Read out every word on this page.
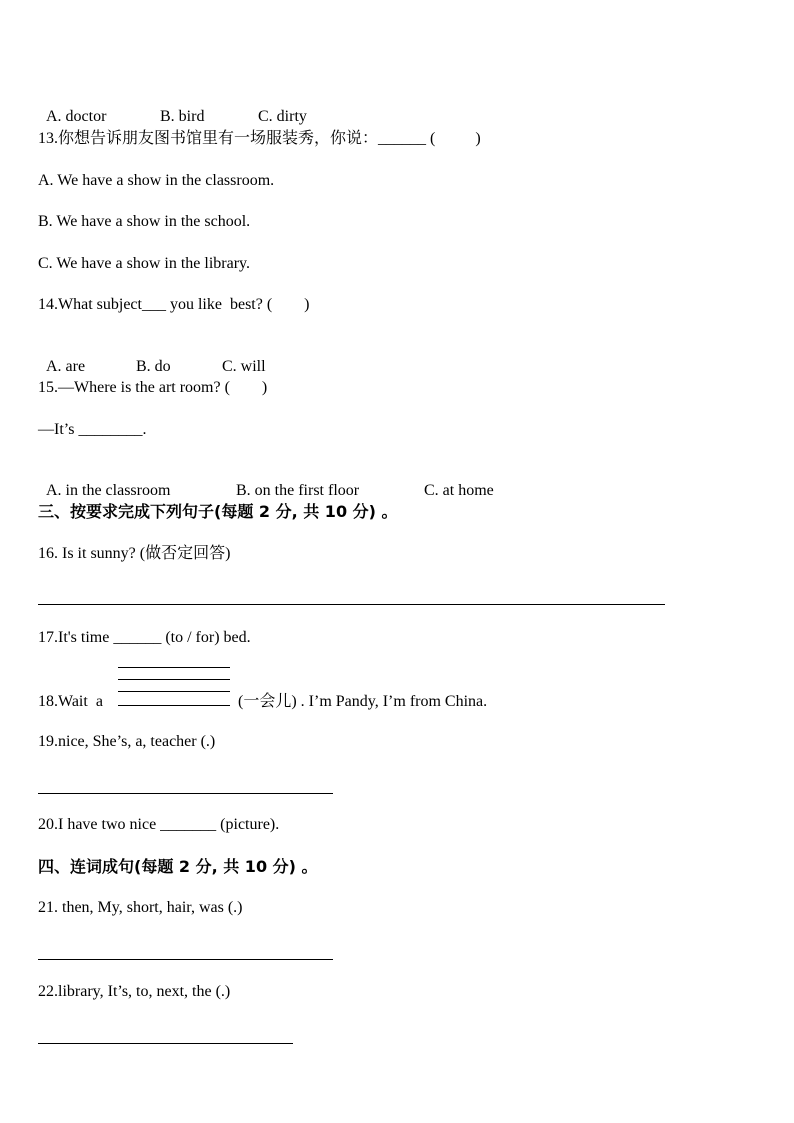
A. doctor	B. bird	C. dirty

13.你想告诉朋友图书馆里有一场服装秀，你说：______ (          )
A. We have a show in the classroom.
B. We have a show in the school.
C. We have a show in the library.
14.What subject___ you like  best? (        )

A. are	B. do	C. will

15.—Where is the art room? (        )
—It’s ________.

A. in the classroom	B. on the first floor	C. at home

三、按要求完成下列句子(每题 2 分, 共 10 分) 。
16. Is it sunny? (做否定回答)
17.It's time ______ (to / for) bed.
18.Wait  a	(一会儿) . I’m Pandy, I’m from China.
19.nice, She’s, a, teacher (.)
20.I have two nice _______ (picture).
四、连词成句(每题 2 分, 共 10 分) 。
21. then, My, short, hair, was (.)
22.library, It’s, to, next, the (.)
